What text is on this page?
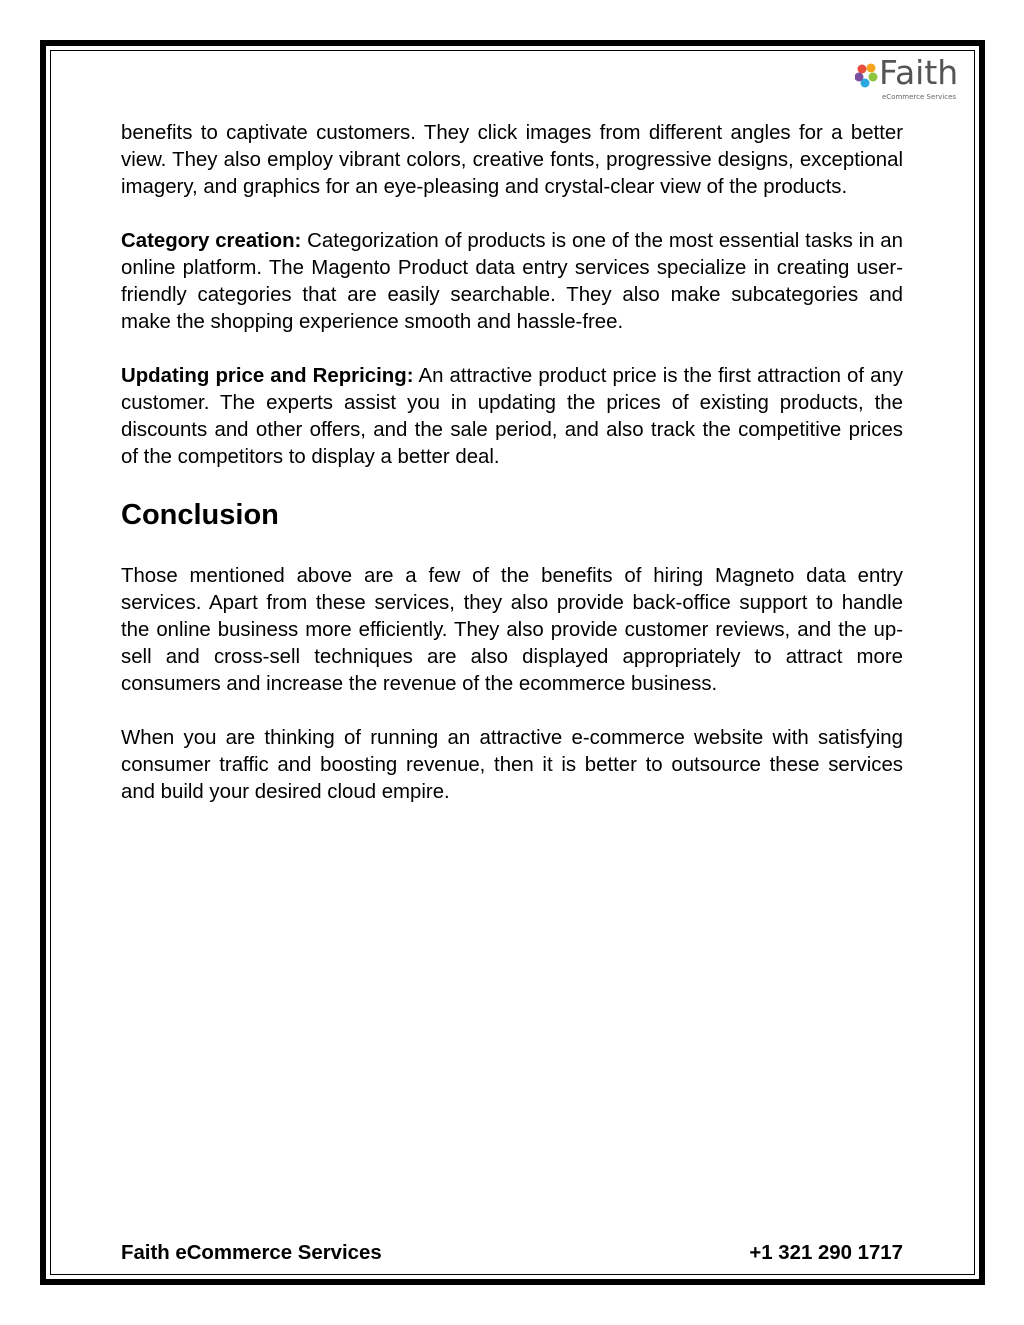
Faith
eCommerce Services

benefits to captivate customers. They click images from different angles for a better view. They also employ vibrant colors, creative fonts, progressive designs, exceptional imagery, and graphics for an eye-pleasing and crystal-clear view of the products.

Category creation: Categorization of products is one of the most essential tasks in an online platform. The Magento Product data entry services specialize in creating user-friendly categories that are easily searchable. They also make subcategories and make the shopping experience smooth and hassle-free.

Updating price and Repricing: An attractive product price is the first attraction of any customer. The experts assist you in updating the prices of existing products, the discounts and other offers, and the sale period, and also track the competitive prices of the competitors to display a better deal.

Conclusion

Those mentioned above are a few of the benefits of hiring Magneto data entry services. Apart from these services, they also provide back-office support to handle the online business more efficiently. They also provide customer reviews, and the up-sell and cross-sell techniques are also displayed appropriately to attract more consumers and increase the revenue of the ecommerce business.

When you are thinking of running an attractive e-commerce website with satisfying consumer traffic and boosting revenue, then it is better to outsource these services and build your desired cloud empire.

Faith eCommerce Services	+1 321 290 1717
